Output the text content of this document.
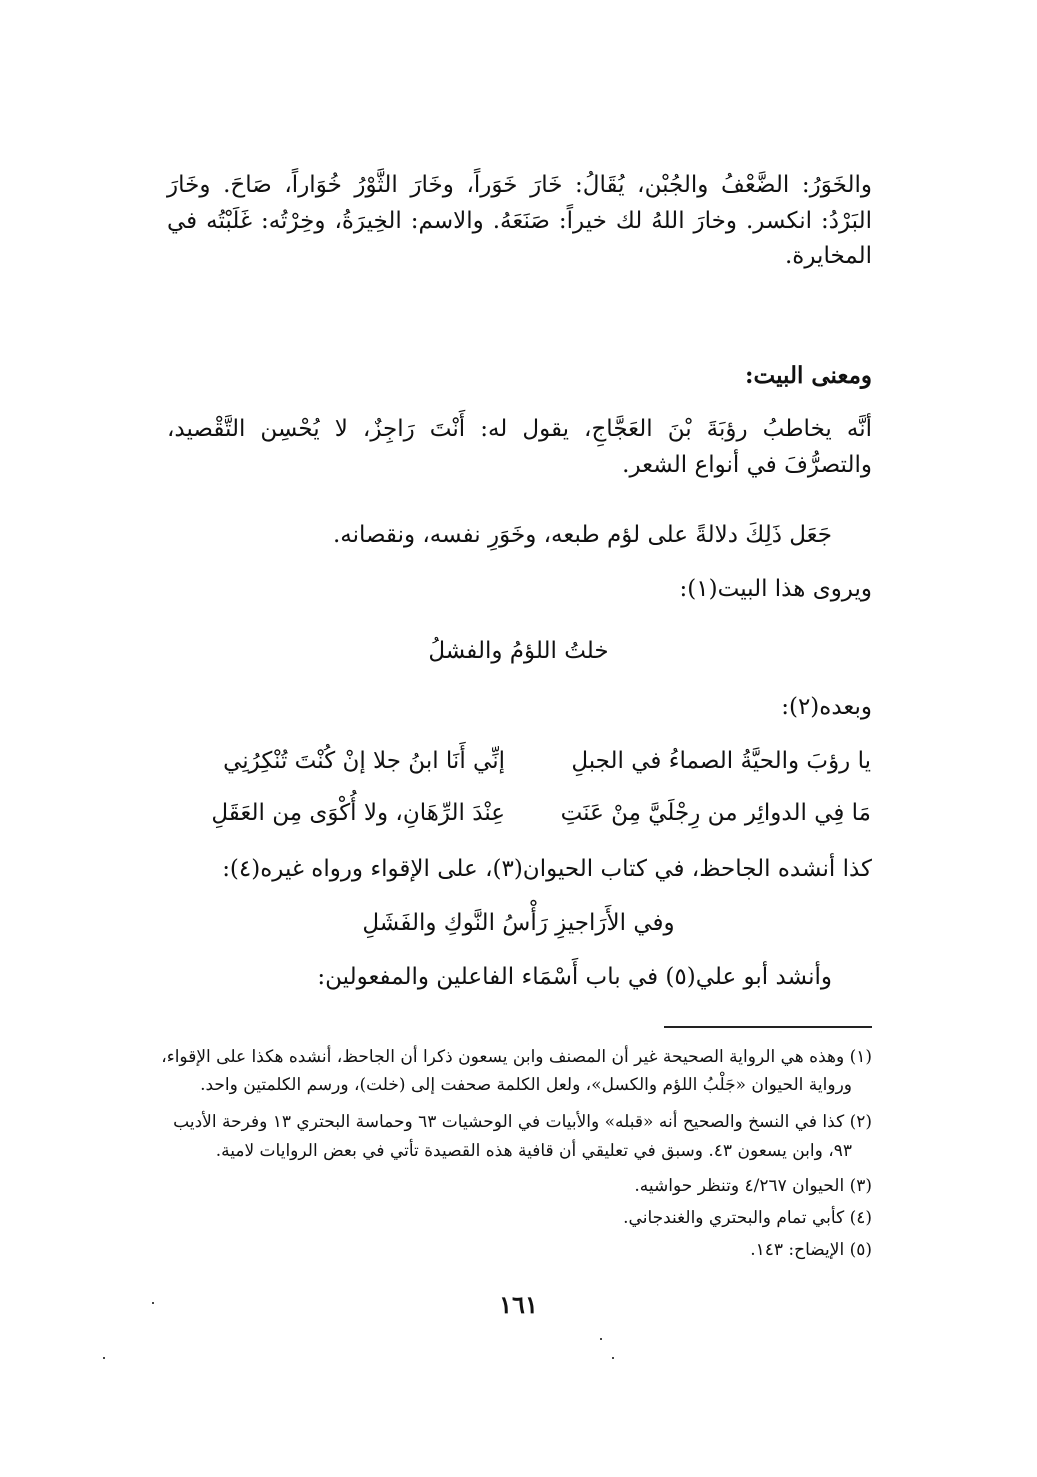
والخَوَرُ: الضَّعْفُ والجُبْن، يُقَالُ: خَارَ خَوَراً، وخَارَ الثَّوْرُ خُوَاراً، صَاحَ. وخَارَ البَرْدُ: انكسر. وخارَ اللهُ لك خيراً: صَنَعَهُ. والاسم: الخِيرَةُ، وخِرْتُه: غَلَبْتُه في المخايرة.

ومعنى البيت:

أنَّه يخاطبُ رؤبَةَ بْنَ العَجَّاجِ، يقول له: أَنْتَ رَاجِزٌ، لا يُحْسِن التَّقْصيد، والتصرُّفَ في أنواع الشعر.

جَعَل ذَلِكَ دلالةً على لؤم طبعه، وخَوَرِ نفسه، ونقصانه.

ويروى هذا البيت(١):

خلتُ اللؤمُ والفشلُ

وبعده(٢):

يا رؤبَ والحيَّةُ الصماءُ في الجبلِ
إنِّي أَنَا ابنُ جلا إنْ كُنْتَ تُنْكِرُنِي
مَا فِي الدوائِر من رِجْلَيَّ مِنْ عَنَتِ
عِنْدَ الرِّهَانِ، ولا أُكْوَى مِن العَقَلِ

كذا أنشده الجاحظ، في كتاب الحيوان(٣)، على الإقواء ورواه غيره(٤):

وفي الأَرَاجيزِ رَأْسُ النَّوكِ والفَشَلِ

وأنشد أبو علي(٥) في باب أَسْمَاء الفاعلين والمفعولين:

(١) وهذه هي الرواية الصحيحة غير أن المصنف وابن يسعون ذكرا أن الجاحظ، أنشده هكذا على الإقواء،

ورواية الحيوان «جَلْبُ اللؤم والكسل»، ولعل الكلمة صحفت إلى (خلت)، ورسم الكلمتين واحد.

(٢) كذا في النسخ والصحيح أنه «قبله» والأبيات في الوحشيات ٦٣ وحماسة البحتري ١٣ وفرحة الأديب

٩٣، وابن يسعون ٤٣. وسبق في تعليقي أن قافية هذه القصيدة تأتي في بعض الروايات لامية.

(٣) الحيوان ٤/٢٦٧ وتنظر حواشيه.

(٤) كأبي تمام والبحتري والغندجاني.

(٥) الإيضاح: ١٤٣.

١٦١
